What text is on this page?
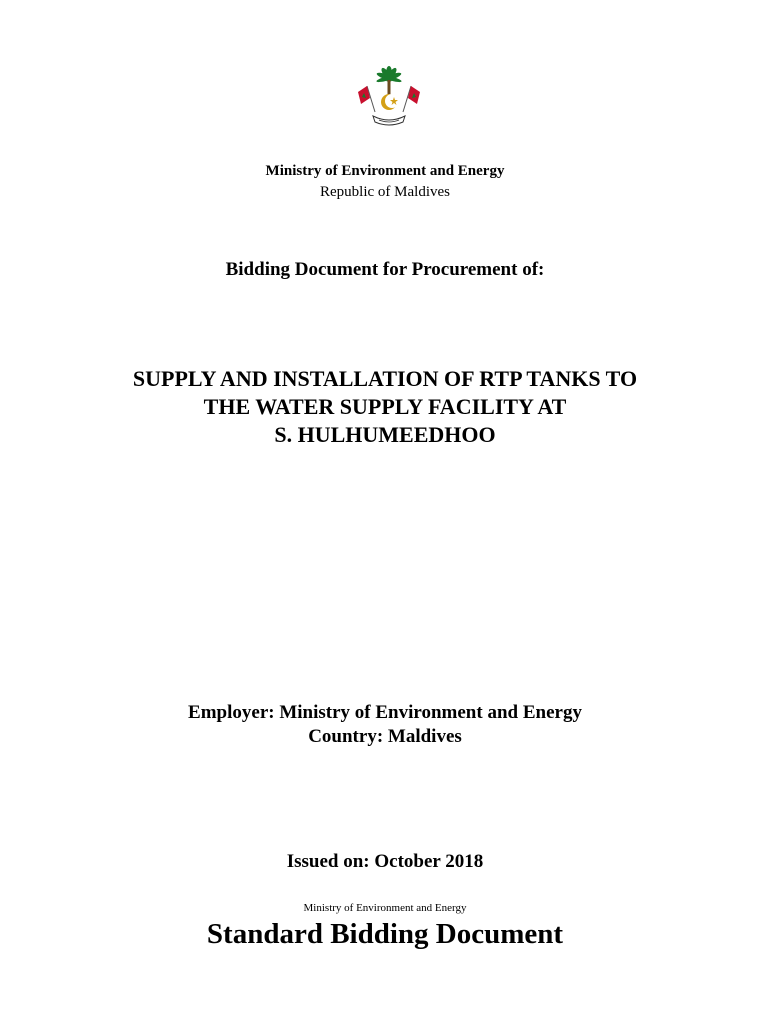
Ministry of Environment and Energy
Republic of Maldives
Bidding Document for Procurement of:
SUPPLY AND INSTALLATION OF RTP TANKS TO
THE WATER SUPPLY FACILITY AT
S. HULHUMEEDHOO
Employer: Ministry of Environment and Energy
Country: Maldives
Issued on: October 2018
Ministry of Environment and Energy
Standard Bidding Document
